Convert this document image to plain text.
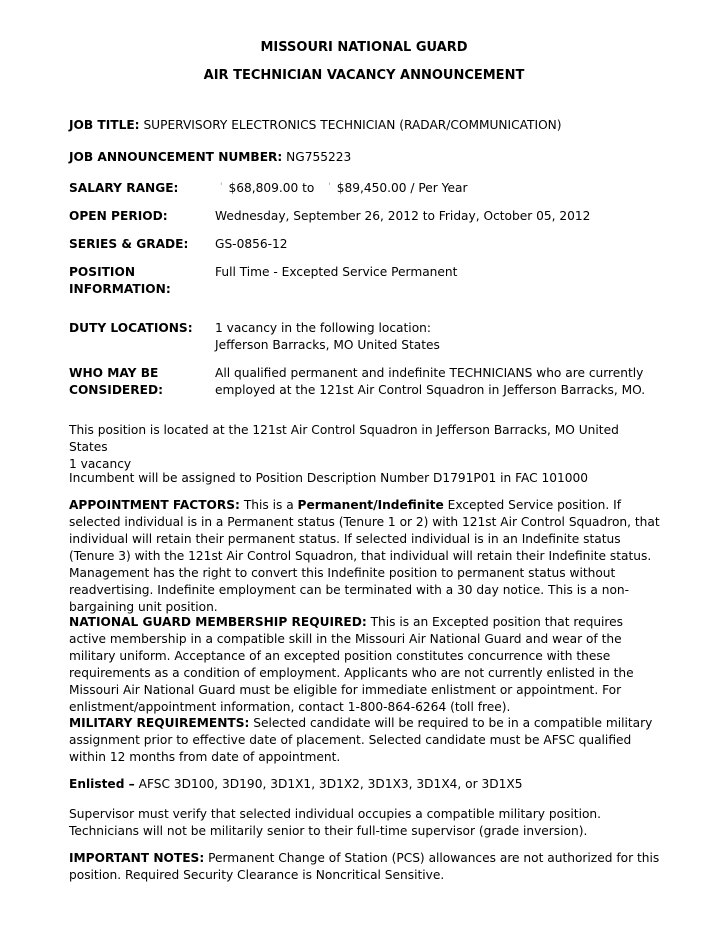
MISSOURI NATIONAL GUARD
AIR TECHNICIAN VACANCY ANNOUNCEMENT
JOB TITLE: SUPERVISORY ELECTRONICS TECHNICIAN (RADAR/COMMUNICATION)
JOB ANNOUNCEMENT NUMBER: NG755223
SALARY RANGE:	' $68,809.00 to ' $89,450.00 / Per Year
OPEN PERIOD:	Wednesday, September 26, 2012 to Friday, October 05, 2012
SERIES & GRADE:	GS-0856-12
POSITION
INFORMATION:
Full Time - Excepted Service Permanent
DUTY LOCATIONS:	1 vacancy in the following location:
Jefferson Barracks, MO United States
WHO MAY BE
CONSIDERED:
All qualified permanent and indefinite TECHNICIANS who are currently
employed at the 121st Air Control Squadron in Jefferson Barracks, MO.
This position is located at the 121st Air Control Squadron in Jefferson Barracks, MO United States
1 vacancy
Incumbent will be assigned to Position Description Number D1791P01 in FAC 101000

APPOINTMENT FACTORS: This is a Permanent/Indefinite Excepted Service position. If selected individual is in a Permanent status (Tenure 1 or 2) with 121st Air Control Squadron, that individual will retain their permanent status. If selected individual is in an Indefinite status (Tenure 3) with the 121st Air Control Squadron, that individual will retain their Indefinite status. Management has the right to convert this Indefinite position to permanent status without readvertising. Indefinite employment can be terminated with a 30 day notice. This is a non-bargaining unit position.

NATIONAL GUARD MEMBERSHIP REQUIRED: This is an Excepted position that requires active membership in a compatible skill in the Missouri Air National Guard and wear of the military uniform. Acceptance of an excepted position constitutes concurrence with these requirements as a condition of employment. Applicants who are not currently enlisted in the Missouri Air National Guard must be eligible for immediate enlistment or appointment. For enlistment/appointment information, contact 1-800-864-6264 (toll free).

MILITARY REQUIREMENTS: Selected candidate will be required to be in a compatible military assignment prior to effective date of placement. Selected candidate must be AFSC qualified within 12 months from date of appointment.

Enlisted – AFSC 3D100, 3D190, 3D1X1, 3D1X2, 3D1X3, 3D1X4, or 3D1X5
Supervisor must verify that selected individual occupies a compatible military position.
Technicians will not be militarily senior to their full-time supervisor (grade inversion).

IMPORTANT NOTES: Permanent Change of Station (PCS) allowances are not authorized for this position. Required Security Clearance is Noncritical Sensitive.
